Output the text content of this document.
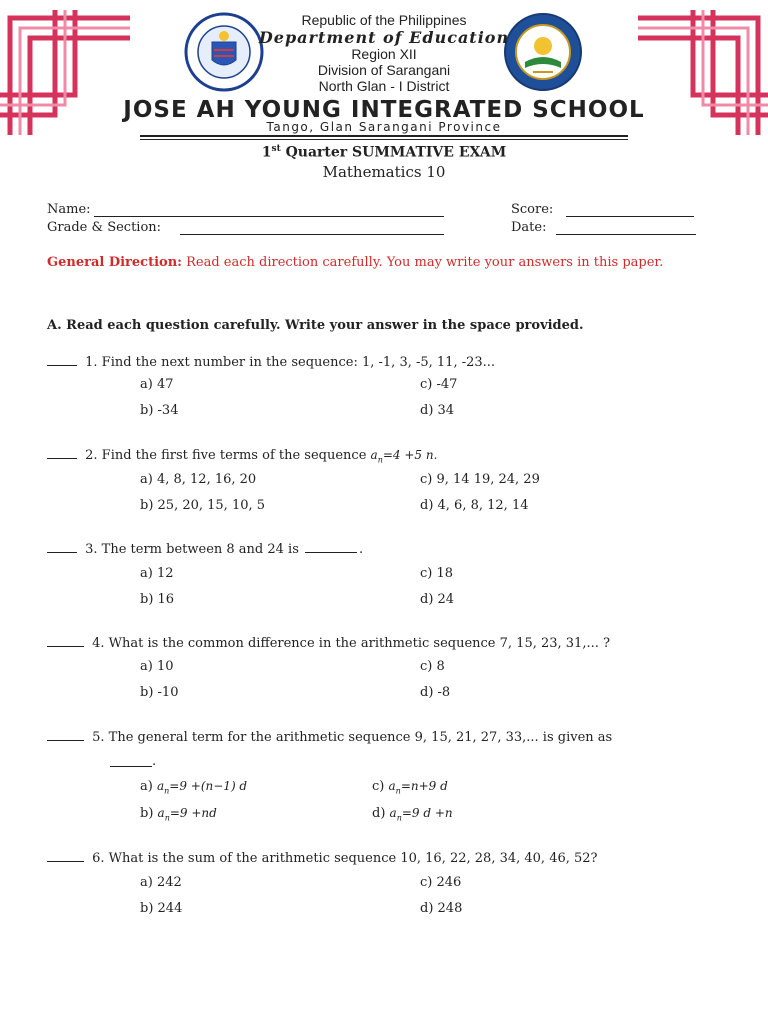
Republic of the Philippines
Department of Education
Region XII
Division of Sarangani
North Glan - I District
JOSE AH YOUNG INTEGRATED SCHOOL
Tango, Glan Sarangani Province
1st Quarter SUMMATIVE EXAM
Mathematics 10
Name:
Grade & Section:
Score:
Date:
General Direction: Read each direction carefully. You may write your answers in this paper.
A. Read each question carefully. Write your answer in the space provided.
1. Find the next number in the sequence: 1, -1, 3, -5, 11, -23...
a) 47	c) -47
b) -34	d) 34
2. Find the first five terms of the sequence $a_n=4 +5$ n.
a) 4, 8, 12, 16, 20	c) 9, 14 19, 24, 29
b) 25, 20, 15, 10, 5	d) 4, 6, 8, 12, 14
3. The term between 8 and 24 is	.
a) 12	c) 18
b) 16	d) 24
4. What is the common difference in the arithmetic sequence 7, 15, 23, 31,... ?
a) 10	c) 8
b) -10	d) -8
5. The general term for the arithmetic sequence 9, 15, 21, 27, 33,... is given as
.
a) $a_n=9 +(n-1)$ d	c) $a_n=n+9$ d
b) $a_n=9 +nd$	d) $a_n=9$ d +n
6. What is the sum of the arithmetic sequence 10, 16, 22, 28, 34, 40, 46, 52?
a) 242	c) 246
b) 244	d) 248
